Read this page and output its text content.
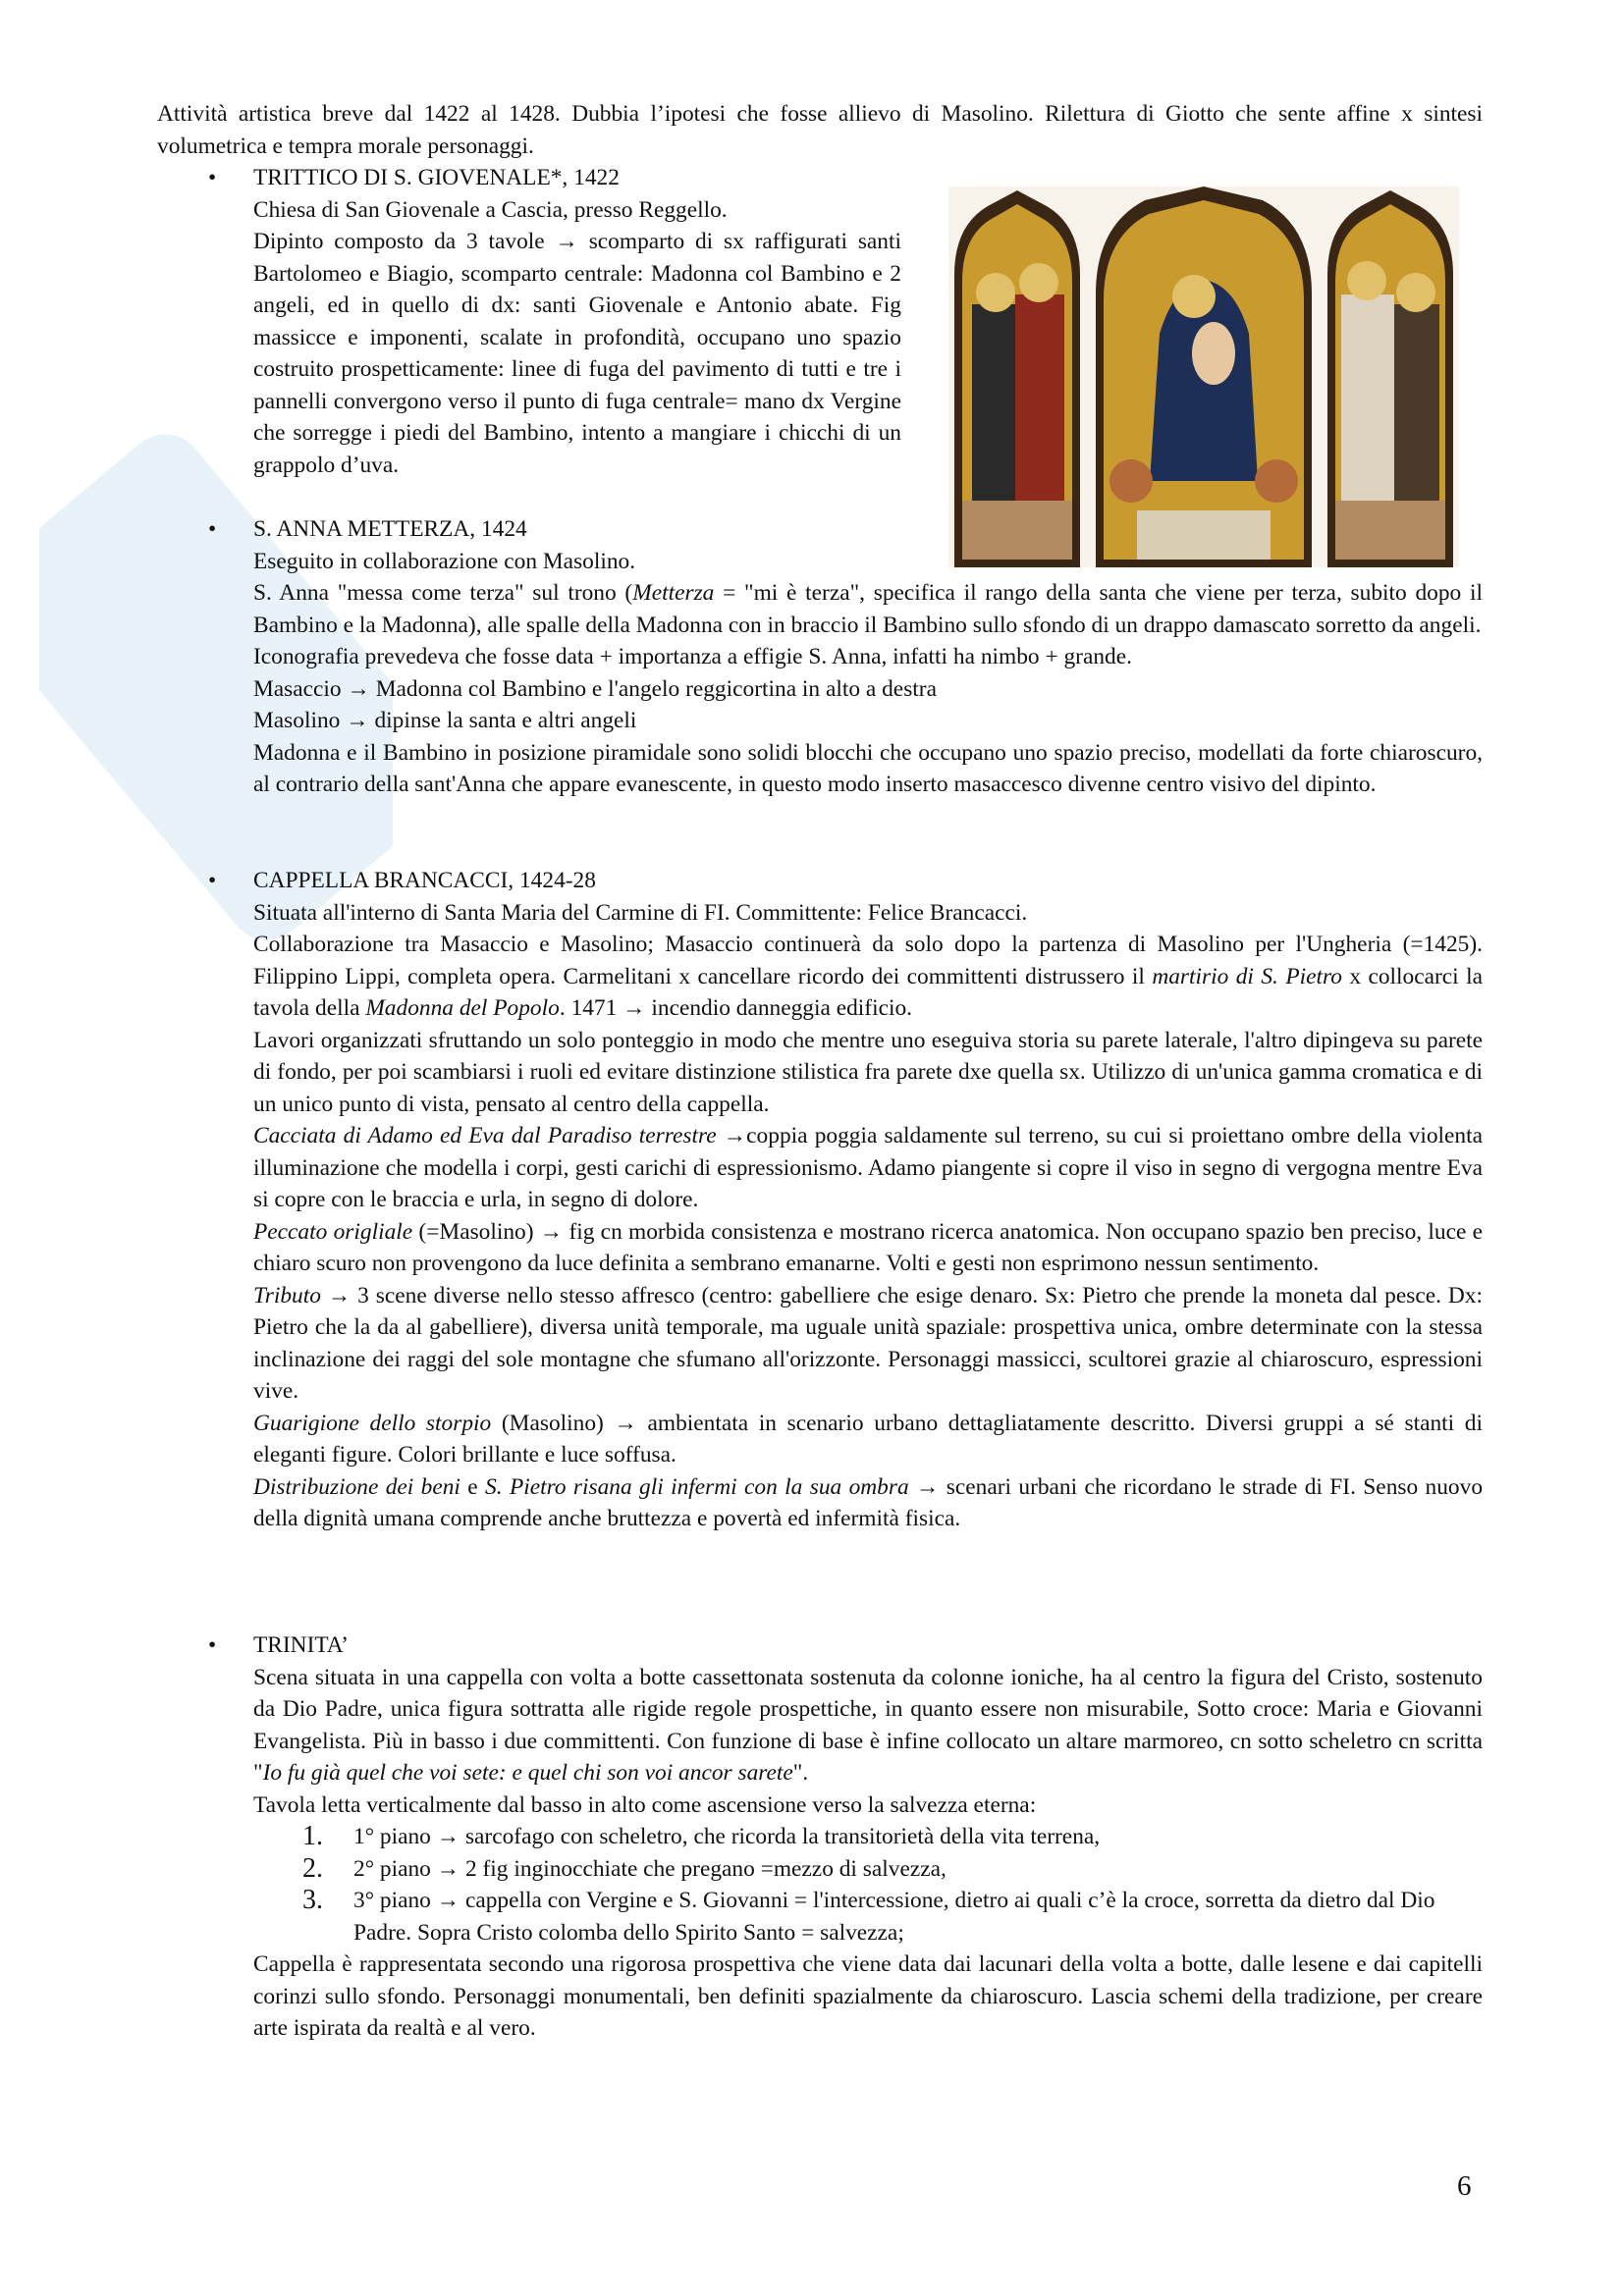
Attività artistica breve dal 1422 al 1428. Dubbia l’ipotesi che fosse allievo di Masolino. Rilettura di Giotto che sente affine x sintesi volumetrica e tempra morale personaggi.

• TRITTICO DI S. GIOVENALE*, 1422

Chiesa di San Giovenale a Cascia, presso Reggello.

Dipinto composto da 3 tavole → scomparto di sx raffigurati santi Bartolomeo e Biagio, scomparto centrale: Madonna col Bambino e 2 angeli, ed in quello di dx: santi Giovenale e Antonio abate. Fig massicce e imponenti, scalate in profondità, occupano uno spazio costruito prospetticamente: linee di fuga del pavimento di tutti e tre i pannelli convergono verso il punto di fuga centrale= mano dx Vergine che sorregge i piedi del Bambino, intento a mangiare i chicchi di un grappolo d’uva.

• S. ANNA METTERZA, 1424

Eseguito in collaborazione con Masolino.

S. Anna "messa come terza" sul trono (Metterza = "mi è terza", specifica il rango della santa che viene per terza, subito dopo il Bambino e la Madonna), alle spalle della Madonna con in braccio il Bambino sullo sfondo di un drappo damascato sorretto da angeli.

Iconografia prevedeva che fosse data + importanza a effigie S. Anna, infatti ha nimbo + grande.

Masaccio → Madonna col Bambino e l'angelo reggicortina in alto a destra

Masolino → dipinse la santa e altri angeli

Madonna e il Bambino in posizione piramidale sono solidi blocchi che occupano uno spazio preciso, modellati da forte chiaroscuro, al contrario della sant'Anna che appare evanescente, in questo modo inserto masaccesco divenne centro visivo del dipinto.

• CAPPELLA BRANCACCI, 1424-28

Situata all'interno di Santa Maria del Carmine di FI. Committente: Felice Brancacci.

Collaborazione tra Masaccio e Masolino; Masaccio continuerà da solo dopo la partenza di Masolino per l'Ungheria (=1425). Filippino Lippi, completa opera. Carmelitani x cancellare ricordo dei committenti distrussero il martirio di S. Pietro x collocarci la tavola della Madonna del Popolo. 1471 → incendio danneggia edificio.

Lavori organizzati sfruttando un solo ponteggio in modo che mentre uno eseguiva storia su parete laterale, l'altro dipingeva su parete di fondo, per poi scambiarsi i ruoli ed evitare distinzione stilistica fra parete dxe quella sx. Utilizzo di un'unica gamma cromatica e di un unico punto di vista, pensato al centro della cappella.

Cacciata di Adamo ed Eva dal Paradiso terrestre →coppia poggia saldamente sul terreno, su cui si proiettano ombre della violenta illuminazione che modella i corpi, gesti carichi di espressionismo. Adamo piangente si copre il viso in segno di vergogna mentre Eva si copre con le braccia e urla, in segno di dolore.

Peccato origliale (=Masolino) → fig cn morbida consistenza e mostrano ricerca anatomica. Non occupano spazio ben preciso, luce e chiaro scuro non provengono da luce definita a sembrano emanarne. Volti e gesti non esprimono nessun sentimento.

Tributo → 3 scene diverse nello stesso affresco (centro: gabelliere che esige denaro. Sx: Pietro che prende la moneta dal pesce. Dx: Pietro che la da al gabelliere), diversa unità temporale, ma uguale unità spaziale: prospettiva unica, ombre determinate con la stessa inclinazione dei raggi del sole montagne che sfumano all'orizzonte. Personaggi massicci, scultorei grazie al chiaroscuro, espressioni vive.

Guarigione dello storpio (Masolino) → ambientata in scenario urbano dettagliatamente descritto. Diversi gruppi a sé stanti di eleganti figure. Colori brillante e luce soffusa.

Distribuzione dei beni e S. Pietro risana gli infermi con la sua ombra → scenari urbani che ricordano le strade di FI. Senso nuovo della dignità umana comprende anche bruttezza e povertà ed infermità fisica.

• TRINITA’

Scena situata in una cappella con volta a botte cassettonata sostenuta da colonne ioniche, ha al centro la figura del Cristo, sostenuto da Dio Padre, unica figura sottratta alle rigide regole prospettiche, in quanto essere non misurabile, Sotto croce: Maria e Giovanni Evangelista. Più in basso i due committenti. Con funzione di base è infine collocato un altare marmoreo, cn sotto scheletro cn scritta "Io fu già quel che voi sete: e quel chi son voi ancor sarete".

Tavola letta verticalmente dal basso in alto come ascensione verso la salvezza eterna:

1. 1° piano → sarcofago con scheletro, che ricorda la transitorietà della vita terrena,
2. 2° piano → 2 fig inginocchiate che pregano =mezzo di salvezza,
3. 3° piano → cappella con Vergine e S. Giovanni = l'intercessione, dietro ai quali c’è la croce, sorretta da dietro dal Dio Padre. Sopra Cristo colomba dello Spirito Santo = salvezza;

Cappella è rappresentata secondo una rigorosa prospettiva che viene data dai lacunari della volta a botte, dalle lesene e dai capitelli corinzi sullo sfondo. Personaggi monumentali, ben definiti spazialmente da chiaroscuro. Lascia schemi della tradizione, per creare arte ispirata da realtà e al vero.

6
